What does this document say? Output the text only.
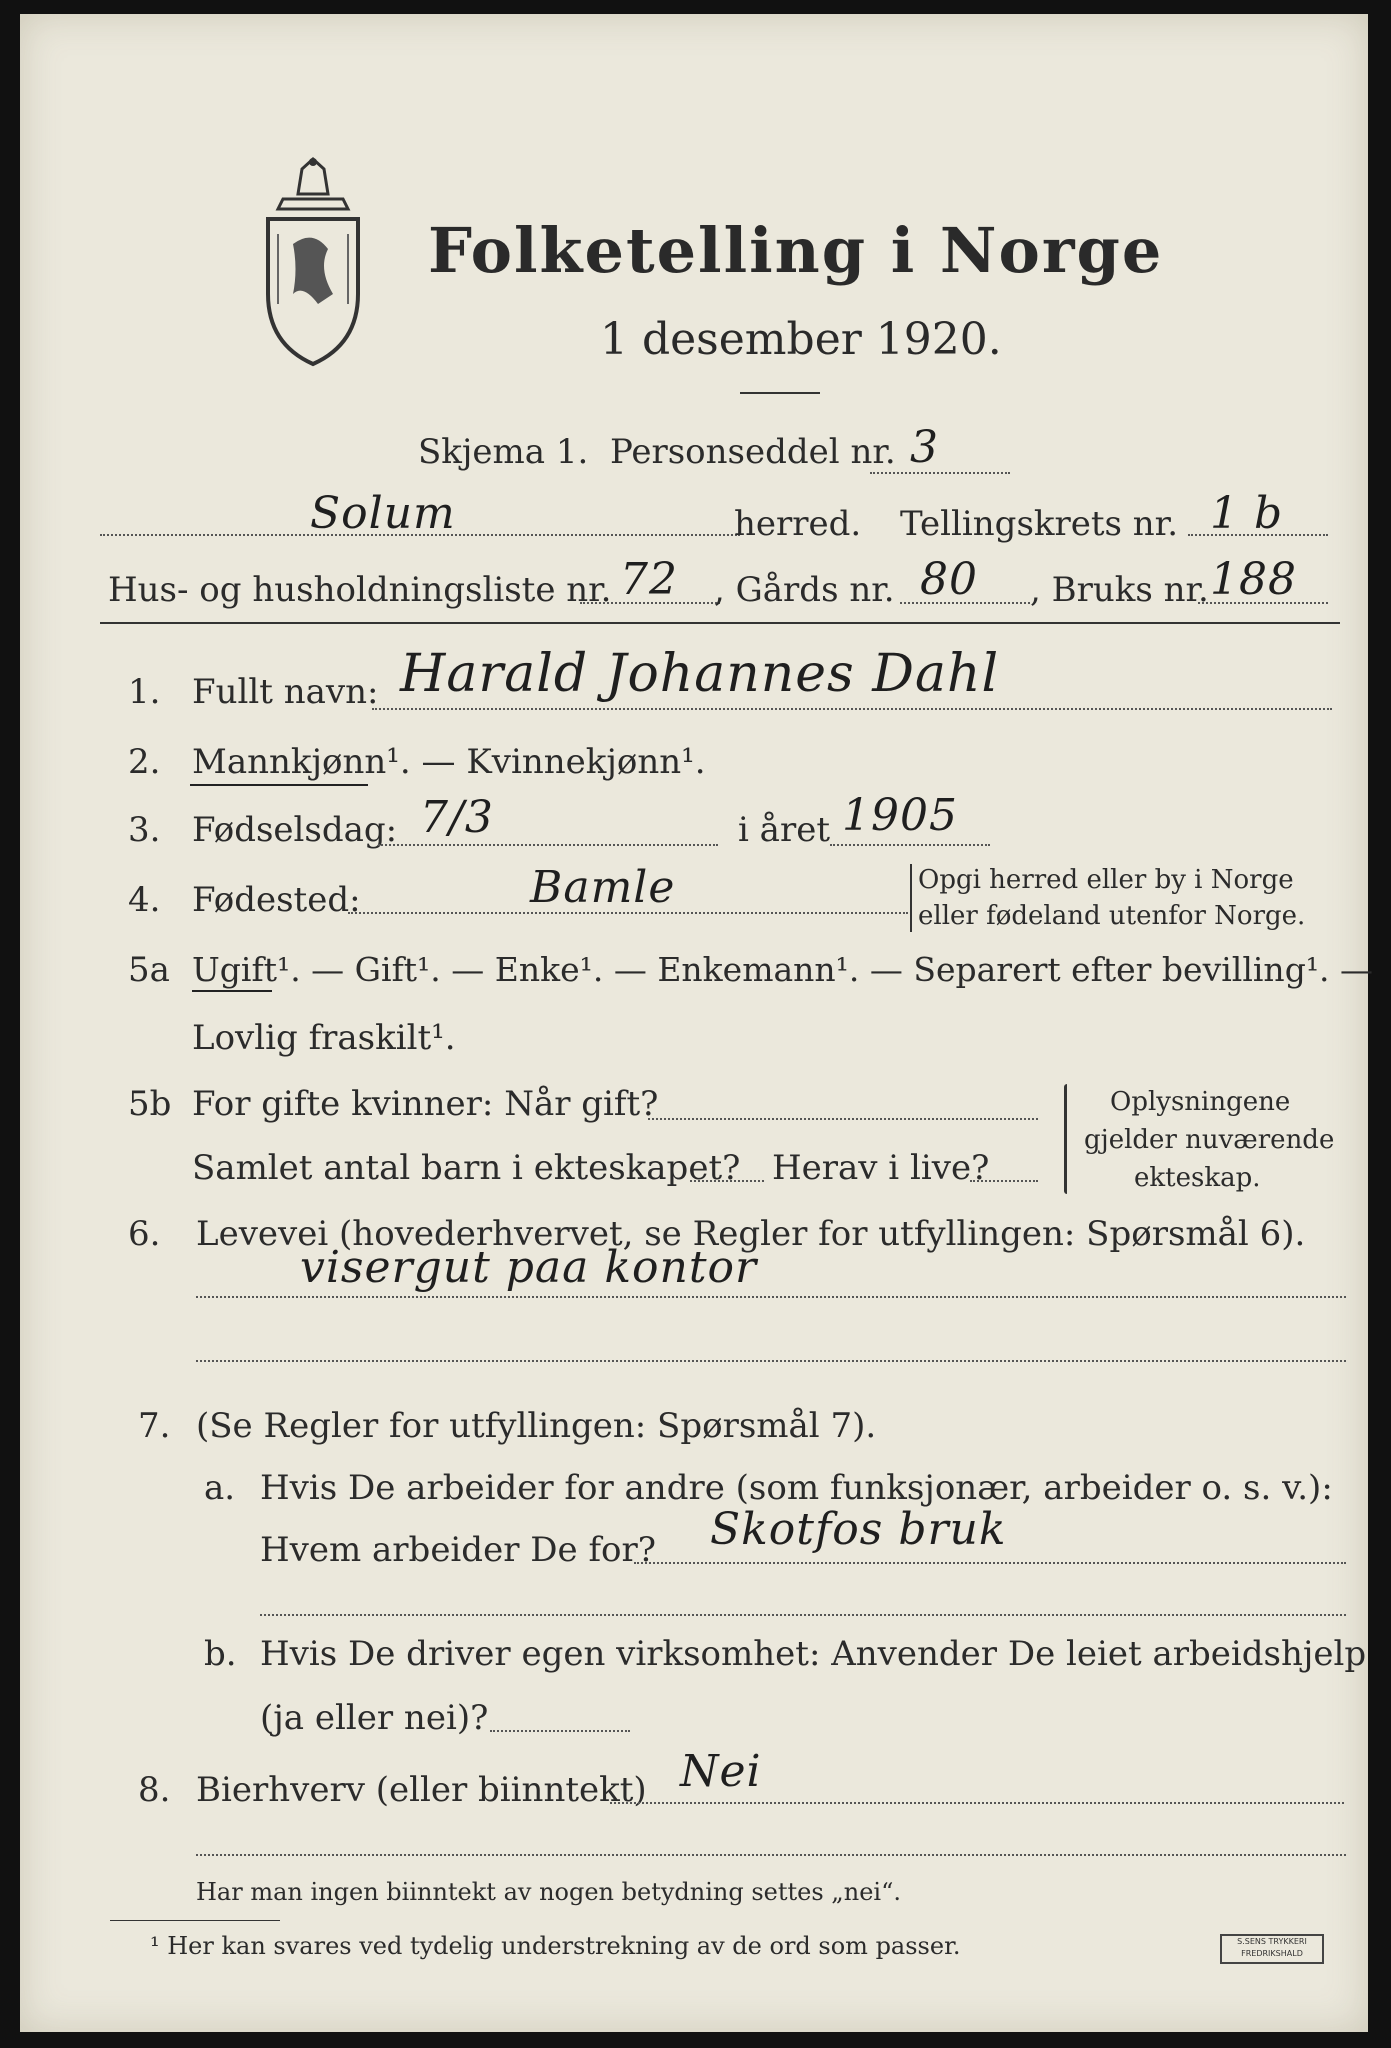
Folketelling i Norge
1 desember 1920.
Skjema 1. Personseddel nr. 3
Solum	herred. Tellingskrets nr. 1 b
Hus- og husholdningsliste nr. 72 , Gårds nr. 80 , Bruks nr. 188
1. Fullt navn: Harald Johannes Dahl
2. Mannkjønn¹. — Kvinnekjønn¹.
3. Fødselsdag: 7/3	i året 1905
4. Fødested:	Bamle	Opgi herred eller by i Norge
eller fødeland utenfor Norge.
5a Ugift¹. — Gift¹. — Enke¹. — Enkemann¹. — Separert efter bevilling¹. —
Lovlig fraskilt¹.
5b For gifte kvinner: Når gift?
Samlet antal barn i ekteskapet? Herav i live?
Oplysningene
gjelder nuværende
ekteskap.
6. Levevei (hovederhvervet, se Regler for utfyllingen: Spørsmål 6).
visergut paa kontor
7. (Se Regler for utfyllingen: Spørsmål 7).
a. Hvis De arbeider for andre (som funksjonær, arbeider o. s. v.):
Hvem arbeider De for? Skotfos bruk
b. Hvis De driver egen virksomhet: Anvender De leiet arbeidshjelp
(ja eller nei)?
8. Bierhverv (eller biinntekt) Nei
Har man ingen biinntekt av nogen betydning settes „nei“.
¹ Her kan svares ved tydelig understrekning av de ord som passer.	S.SENS TRYKKERI FREDRIKSHALD
